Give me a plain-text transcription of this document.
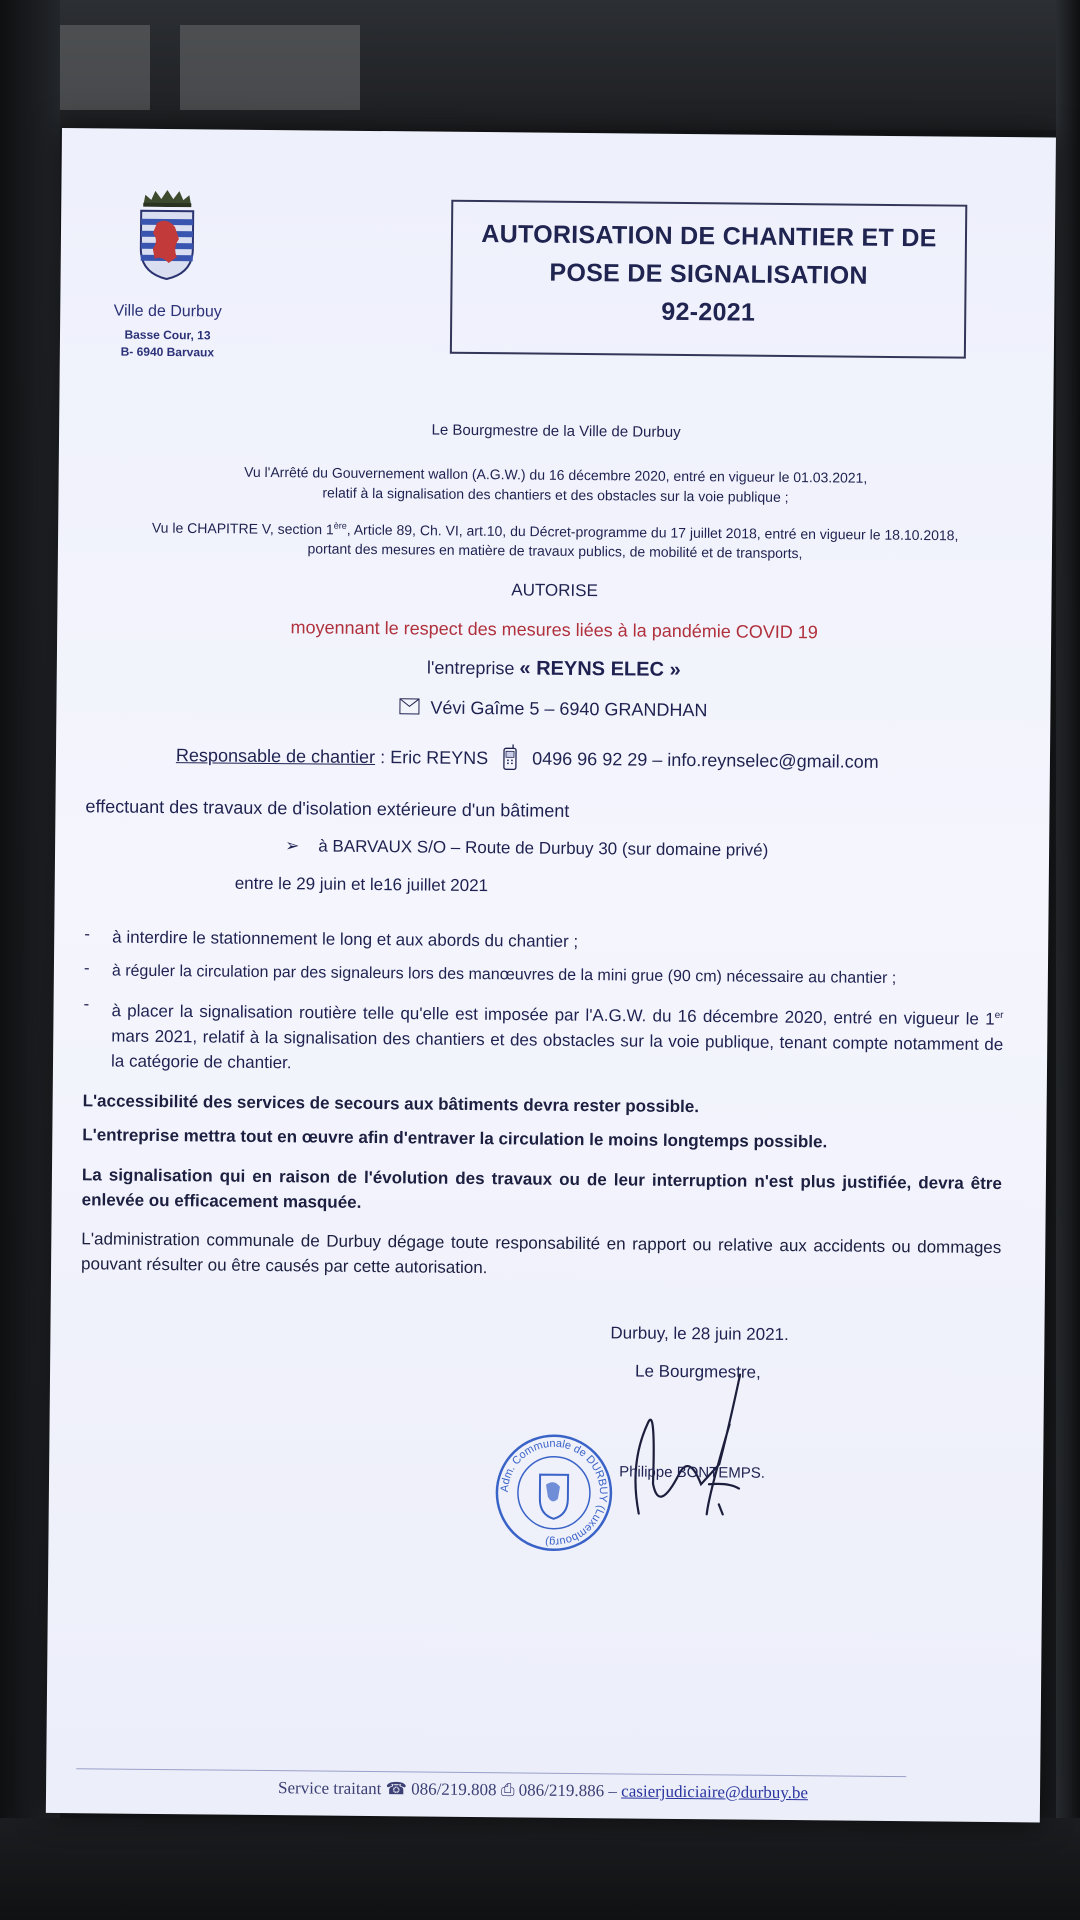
Ville de Durbuy
Basse Cour, 13
B- 6940 Barvaux
AUTORISATION DE CHANTIER ET DE
POSE DE SIGNALISATION
92-2021
Le Bourgmestre de la Ville de Durbuy
Vu l'Arrêté du Gouvernement wallon (A.G.W.) du 16 décembre 2020, entré en vigueur le 01.03.2021,
relatif à la signalisation des chantiers et des obstacles sur la voie publique ;
Vu le CHAPITRE V, section 1ère, Article 89, Ch. VI, art.10, du Décret-programme du 17 juillet 2018, entré en vigueur le 18.10.2018,
portant des mesures en matière de travaux publics, de mobilité et de transports,
AUTORISE
moyennant le respect des mesures liées à la pandémie COVID 19
l'entreprise « REYNS ELEC »
Vévi Gaîme 5 – 6940 GRANDHAN
Responsable de chantier : Eric REYNS 0496 96 92 29 – info.reynselec@gmail.com
effectuant des travaux de d'isolation extérieure d'un bâtiment
➢ à BARVAUX S/O – Route de Durbuy 30 (sur domaine privé)
entre le 29 juin et le16 juillet 2021
- à interdire le stationnement le long et aux abords du chantier ;
- à réguler la circulation par des signaleurs lors des manœuvres de la mini grue (90 cm) nécessaire au chantier ;
- à placer la signalisation routière telle qu'elle est imposée par l'A.G.W. du 16 décembre 2020, entré en vigueur le 1er mars 2021, relatif à la signalisation des chantiers et des obstacles sur la voie publique, tenant compte notamment de la catégorie de chantier.
L'accessibilité des services de secours aux bâtiments devra rester possible.
L'entreprise mettra tout en œuvre afin d'entraver la circulation le moins longtemps possible.
La signalisation qui en raison de l'évolution des travaux ou de leur interruption n'est plus justifiée, devra être enlevée ou efficacement masquée.
L'administration communale de Durbuy dégage toute responsabilité en rapport ou relative aux accidents ou dommages pouvant résulter ou être causés par cette autorisation.
Durbuy, le 28 juin 2021.
Le Bourgmestre,
Adm. Communale de DURBUY (Luxembourg)
Philippe BONTEMPS.
Service traitant ☎ 086/219.808 ⎙ 086/219.886 – casierjudiciaire@durbuy.be
